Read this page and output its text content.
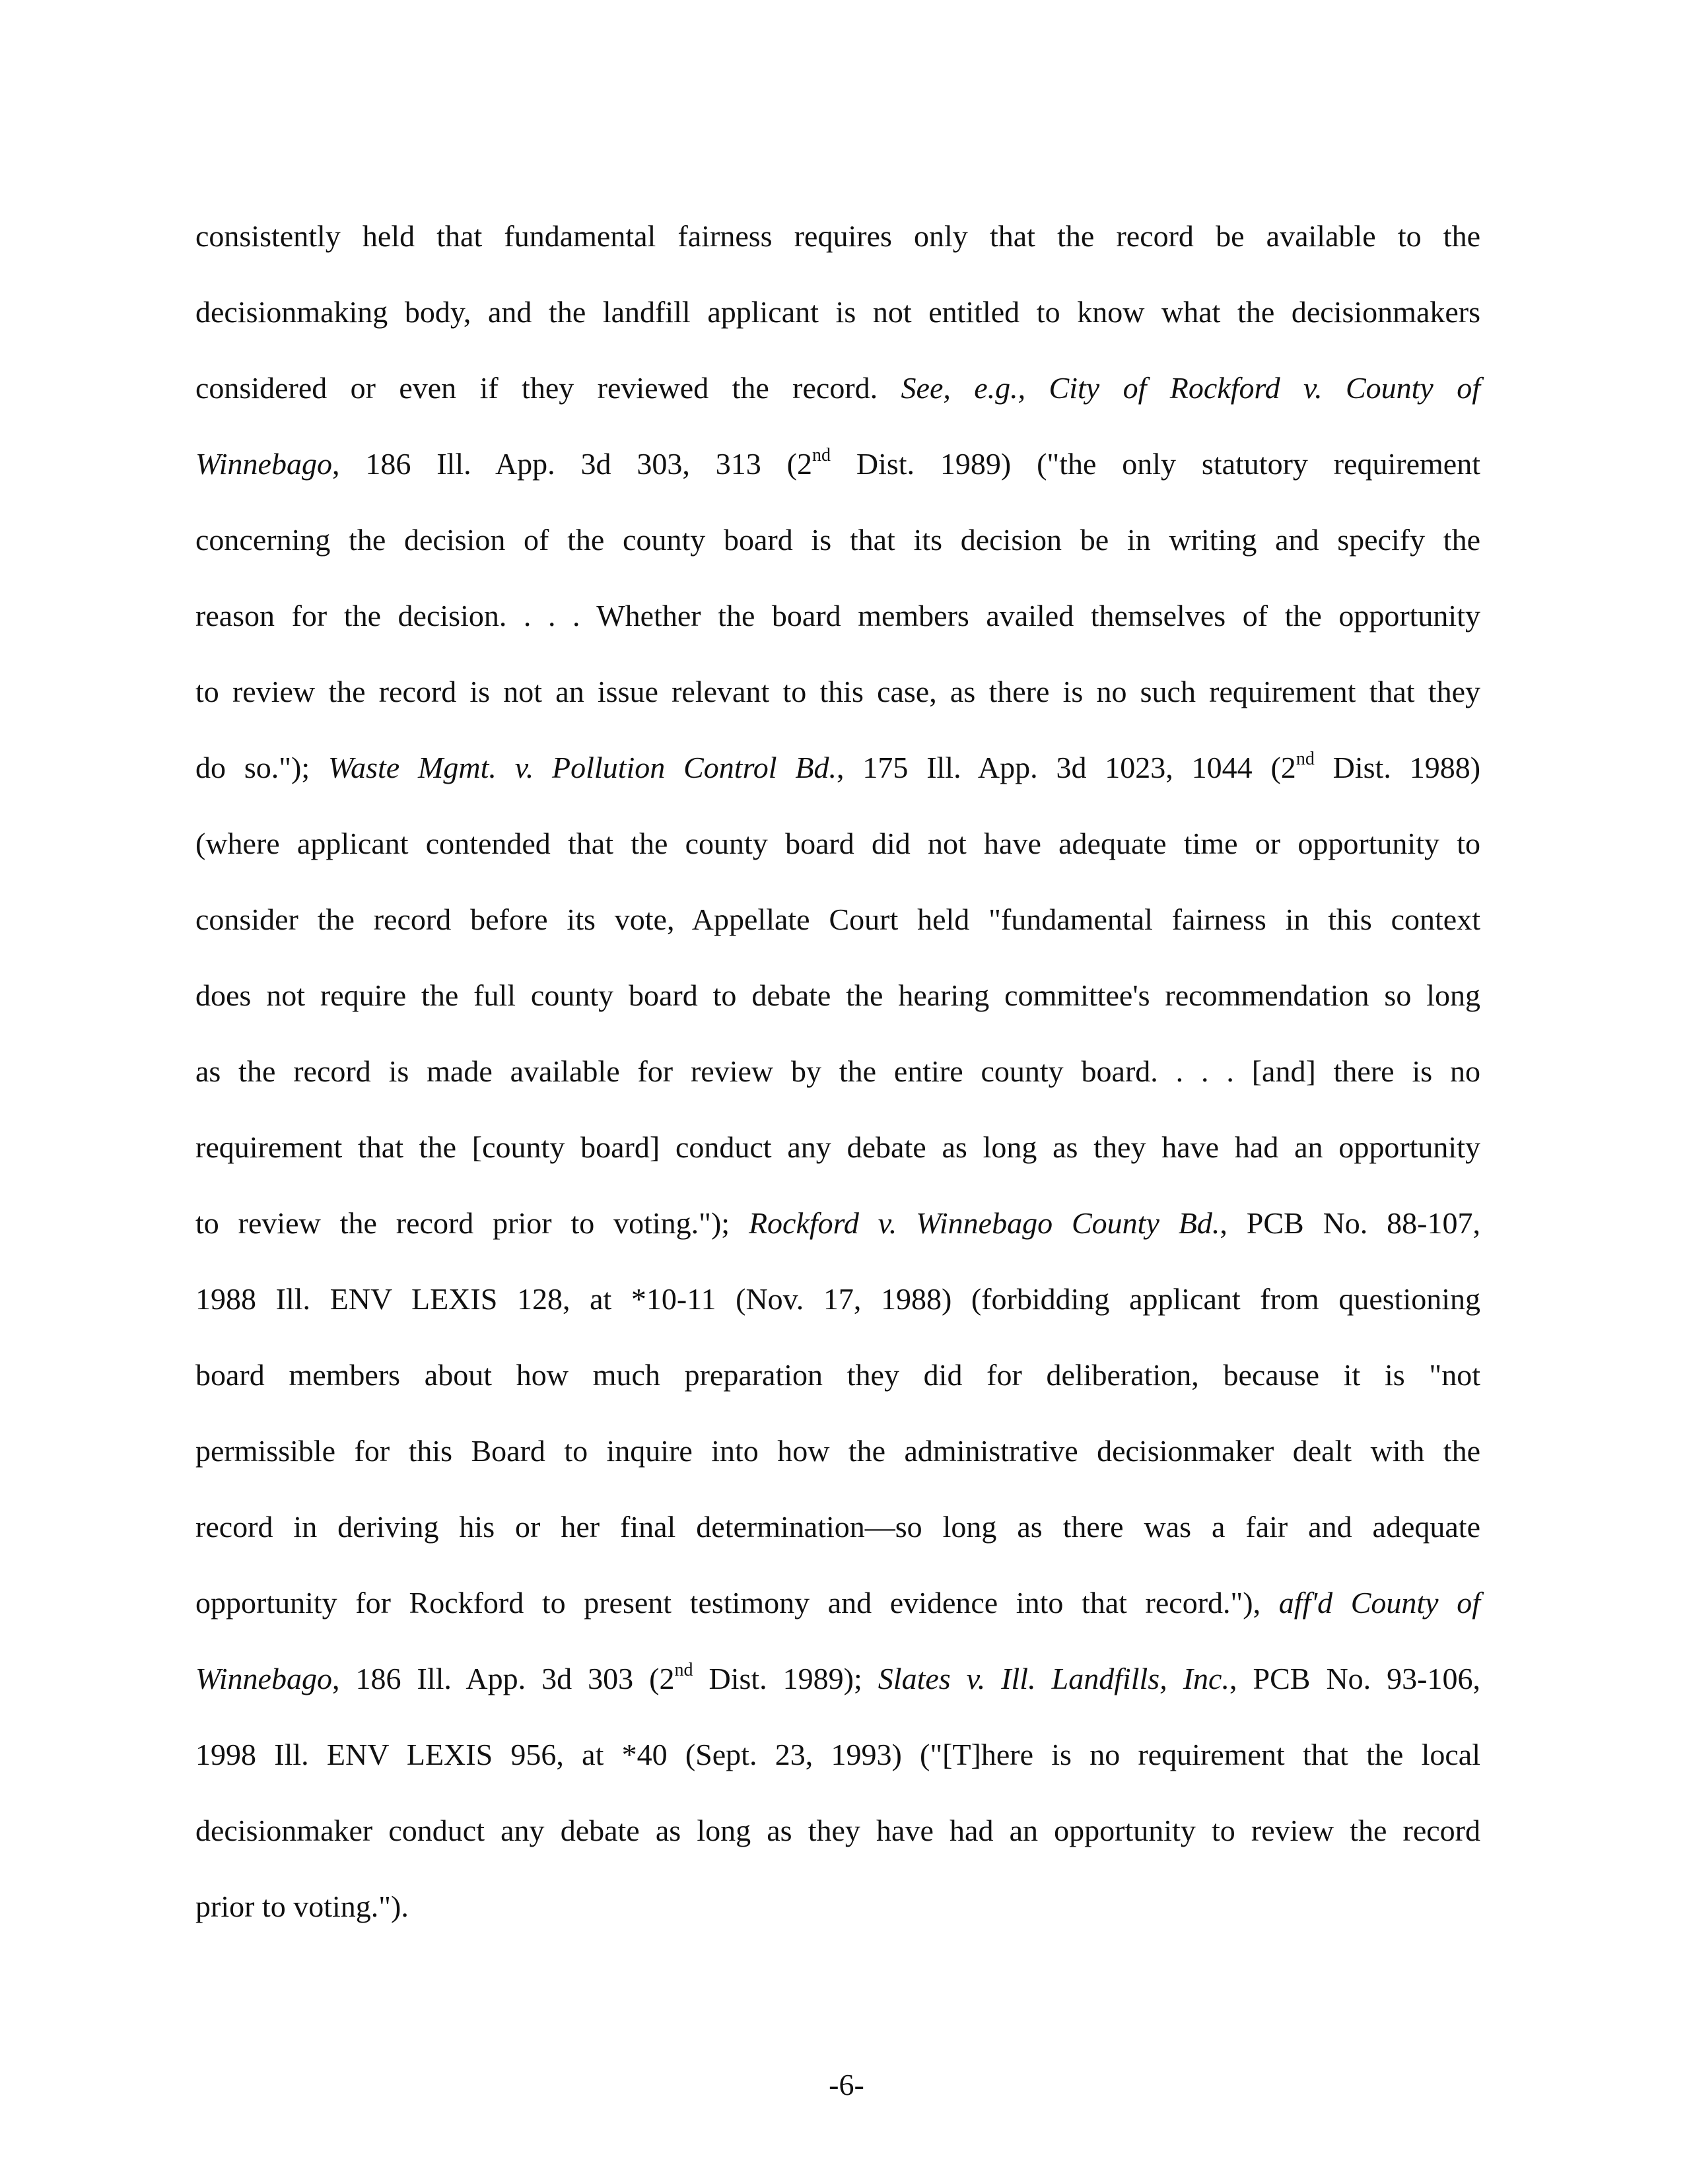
consistently held that fundamental fairness requires only that the record be available to the
decisionmaking body, and the landfill applicant is not entitled to know what the decisionmakers
considered or even if they reviewed the record. See, e.g., City of Rockford v. County of
Winnebago, 186 Ill. App. 3d 303, 313 (2nd Dist. 1989) ("the only statutory requirement
concerning the decision of the county board is that its decision be in writing and specify the
reason for the decision. . . . Whether the board members availed themselves of the opportunity
to review the record is not an issue relevant to this case, as there is no such requirement that they
do so."); Waste Mgmt. v. Pollution Control Bd., 175 Ill. App. 3d 1023, 1044 (2nd Dist. 1988)
(where applicant contended that the county board did not have adequate time or opportunity to
consider the record before its vote, Appellate Court held "fundamental fairness in this context
does not require the full county board to debate the hearing committee's recommendation so long
as the record is made available for review by the entire county board. . . . [and] there is no
requirement that the [county board] conduct any debate as long as they have had an opportunity
to review the record prior to voting."); Rockford v. Winnebago County Bd., PCB No. 88-107,
1988 Ill. ENV LEXIS 128, at *10-11 (Nov. 17, 1988) (forbidding applicant from questioning
board members about how much preparation they did for deliberation, because it is "not
permissible for this Board to inquire into how the administrative decisionmaker dealt with the
record in deriving his or her final determination—so long as there was a fair and adequate
opportunity for Rockford to present testimony and evidence into that record."), aff'd County of
Winnebago, 186 Ill. App. 3d 303 (2nd Dist. 1989); Slates v. Ill. Landfills, Inc., PCB No. 93-106,
1998 Ill. ENV LEXIS 956, at *40 (Sept. 23, 1993) ("[T]here is no requirement that the local
decisionmaker conduct any debate as long as they have had an opportunity to review the record
prior to voting.").
-6-
